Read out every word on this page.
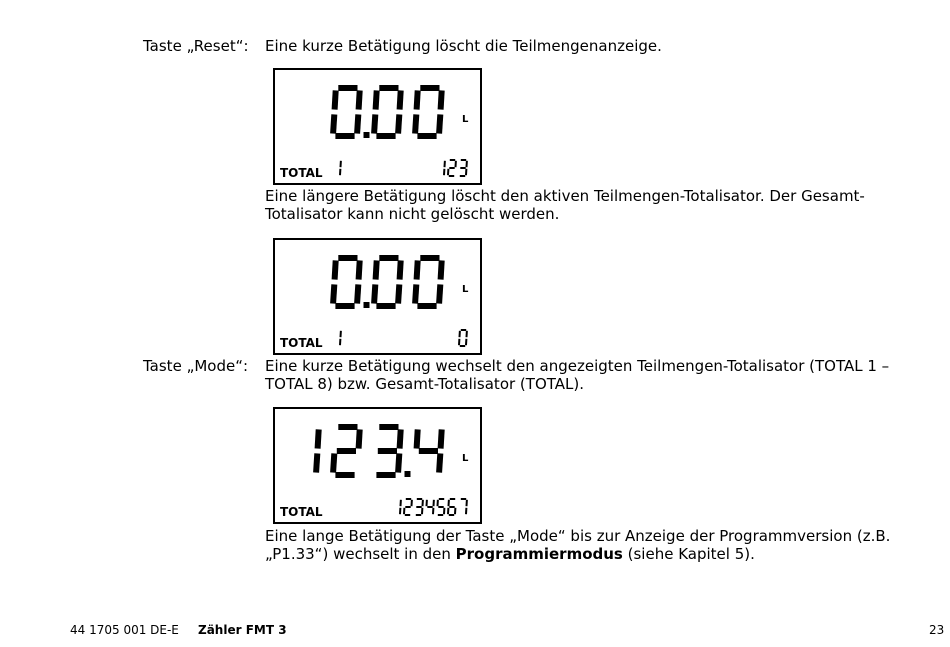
Taste „Reset“: Eine kurze Betätigung löscht die Teilmengenanzeige.
L
TOTAL
Eine längere Betätigung löscht den aktiven Teilmengen-Totalisator. Der Gesamt-Totalisator kann nicht gelöscht werden.
L
TOTAL
Taste „Mode“: Eine kurze Betätigung wechselt den angezeigten Teilmengen-Totalisator (TOTAL 1 – TOTAL 8) bzw. Gesamt-Totalisator (TOTAL).
L
TOTAL
Eine lange Betätigung der Taste „Mode“ bis zur Anzeige der Programmversion (z.B. „P1.33“) wechselt in den Programmiermodus (siehe Kapitel 5).
44 1705 001 DE-E Zähler FMT 3	23
